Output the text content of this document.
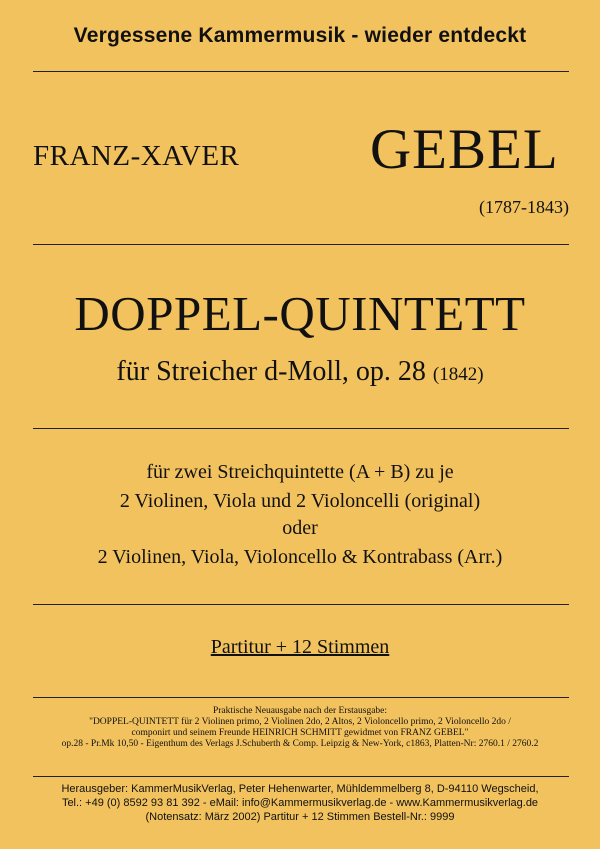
Vergessene Kammermusik - wieder entdeckt
FRANZ-XAVER GEBEL
(1787-1843)
DOPPEL-QUINTETT
für Streicher d-Moll, op. 28 (1842)
für zwei Streichquintette (A + B) zu je
2 Violinen, Viola und 2 Violoncelli (original)
oder
2 Violinen, Viola, Violoncello & Kontrabass (Arr.)
Partitur + 12 Stimmen
Praktische Neuausgabe nach der Erstausgabe:
"DOPPEL-QUINTETT für 2 Violinen primo, 2 Violinen 2do, 2 Altos, 2 Violoncello primo, 2 Violoncello 2do /
componirt und seinem Freunde HEINRICH SCHMITT gewidmet von FRANZ GEBEL"
op.28 - Pr.Mk 10,50 - Eigenthum des Verlags J.Schuberth & Comp. Leipzig & New-York, c1863, Platten-Nr: 2760.1 / 2760.2
Herausgeber: KammerMusikVerlag, Peter Hehenwarter, Mühldemmelberg 8, D-94110 Wegscheid,
Tel.: +49 (0) 8592 93 81 392 - eMail: info@Kammermusikverlag.de - www.Kammermusikverlag.de
(Notensatz: März 2002) Partitur + 12 Stimmen Bestell-Nr.: 9999
